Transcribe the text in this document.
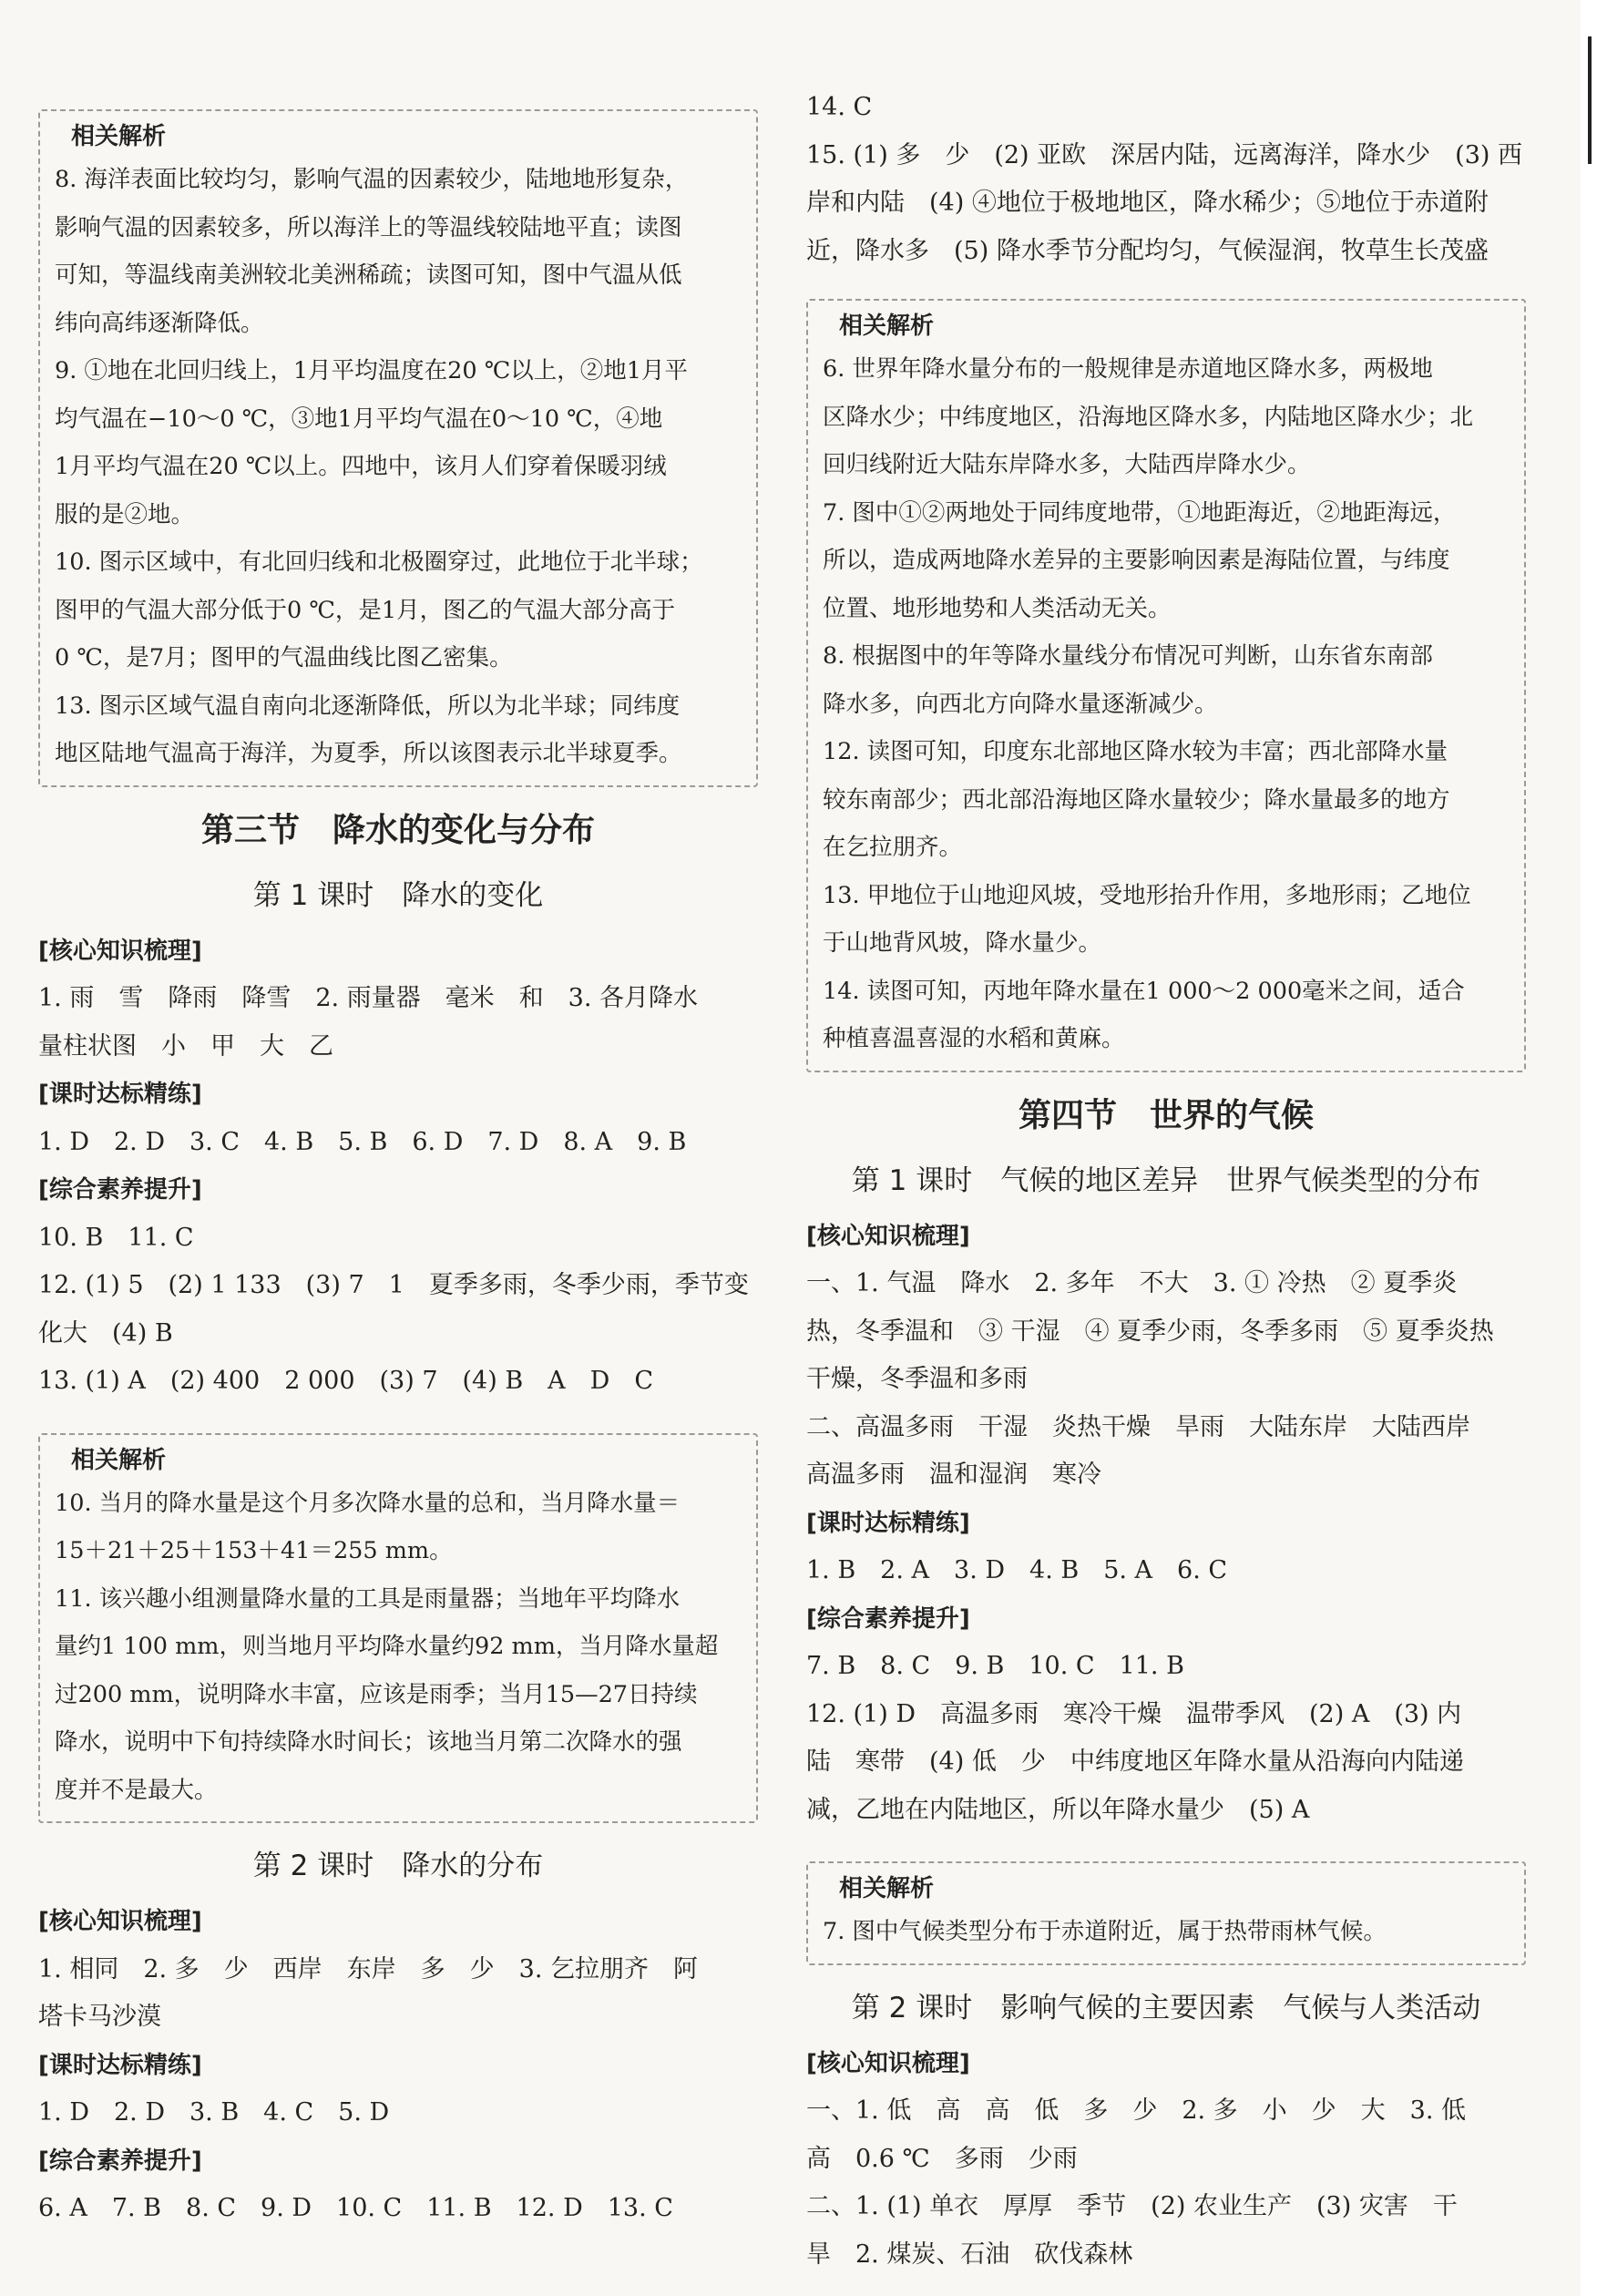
相关解析
8. 海洋表面比较均匀，影响气温的因素较少，陆地地形复杂，
影响气温的因素较多，所以海洋上的等温线较陆地平直；读图
可知，等温线南美洲较北美洲稀疏；读图可知，图中气温从低
纬向高纬逐渐降低。
9. ①地在北回归线上，1月平均温度在20 ℃以上，②地1月平
均气温在−10～0 ℃，③地1月平均气温在0～10 ℃，④地
1月平均气温在20 ℃以上。四地中，该月人们穿着保暖羽绒
服的是②地。
10. 图示区域中，有北回归线和北极圈穿过，此地位于北半球；
图甲的气温大部分低于0 ℃，是1月，图乙的气温大部分高于
0 ℃，是7月；图甲的气温曲线比图乙密集。
13. 图示区域气温自南向北逐渐降低，所以为北半球；同纬度
地区陆地气温高于海洋，为夏季，所以该图表示北半球夏季。
第三节　降水的变化与分布
第 1 课时　降水的变化
[核心知识梳理]
1. 雨　雪　降雨　降雪　2. 雨量器　毫米　和　3. 各月降水
量柱状图　小　甲　大　乙
[课时达标精练]
1. D　2. D　3. C　4. B　5. B　6. D　7. D　8. A　9. B
[综合素养提升]
10. B　11. C
12. (1) 5　(2) 1 133　(3) 7　1　夏季多雨，冬季少雨，季节变
化大　(4) B
13. (1) A　(2) 400　2 000　(3) 7　(4) B　A　D　C
相关解析
10. 当月的降水量是这个月多次降水量的总和，当月降水量＝
15＋21＋25＋153＋41＝255 mm。
11. 该兴趣小组测量降水量的工具是雨量器；当地年平均降水
量约1 100 mm，则当地月平均降水量约92 mm，当月降水量超
过200 mm，说明降水丰富，应该是雨季；当月15—27日持续
降水，说明中下旬持续降水时间长；该地当月第二次降水的强
度并不是最大。
第 2 课时　降水的分布
[核心知识梳理]
1. 相同　2. 多　少　西岸　东岸　多　少　3. 乞拉朋齐　阿
塔卡马沙漠
[课时达标精练]
1. D　2. D　3. B　4. C　5. D
[综合素养提升]
6. A　7. B　8. C　9. D　10. C　11. B　12. D　13. C
14. C
15. (1) 多　少　(2) 亚欧　深居内陆，远离海洋，降水少　(3) 西
岸和内陆　(4) ④地位于极地地区，降水稀少；⑤地位于赤道附
近，降水多　(5) 降水季节分配均匀，气候湿润，牧草生长茂盛
相关解析
6. 世界年降水量分布的一般规律是赤道地区降水多，两极地
区降水少；中纬度地区，沿海地区降水多，内陆地区降水少；北
回归线附近大陆东岸降水多，大陆西岸降水少。
7. 图中①②两地处于同纬度地带，①地距海近，②地距海远，
所以，造成两地降水差异的主要影响因素是海陆位置，与纬度
位置、地形地势和人类活动无关。
8. 根据图中的年等降水量线分布情况可判断，山东省东南部
降水多，向西北方向降水量逐渐减少。
12. 读图可知，印度东北部地区降水较为丰富；西北部降水量
较东南部少；西北部沿海地区降水量较少；降水量最多的地方
在乞拉朋齐。
13. 甲地位于山地迎风坡，受地形抬升作用，多地形雨；乙地位
于山地背风坡，降水量少。
14. 读图可知，丙地年降水量在1 000～2 000毫米之间，适合
种植喜温喜湿的水稻和黄麻。
第四节　世界的气候
第 1 课时　气候的地区差异　世界气候类型的分布
[核心知识梳理]
一、1. 气温　降水　2. 多年　不大　3. ① 冷热　② 夏季炎
热，冬季温和　③ 干湿　④ 夏季少雨，冬季多雨　⑤ 夏季炎热
干燥，冬季温和多雨
二、高温多雨　干湿　炎热干燥　旱雨　大陆东岸　大陆西岸
高温多雨　温和湿润　寒冷
[课时达标精练]
1. B　2. A　3. D　4. B　5. A　6. C
[综合素养提升]
7. B　8. C　9. B　10. C　11. B
12. (1) D　高温多雨　寒冷干燥　温带季风　(2) A　(3) 内
陆　寒带　(4) 低　少　中纬度地区年降水量从沿海向内陆递
减，乙地在内陆地区，所以年降水量少　(5) A
相关解析
7. 图中气候类型分布于赤道附近，属于热带雨林气候。
第 2 课时　影响气候的主要因素　气候与人类活动
[核心知识梳理]
一、1. 低　高　高　低　多　少　2. 多　小　少　大　3. 低
高　0.6 ℃　多雨　少雨
二、1. (1) 单衣　厚厚　季节　(2) 农业生产　(3) 灾害　干
旱　2. 煤炭、石油　砍伐森林
